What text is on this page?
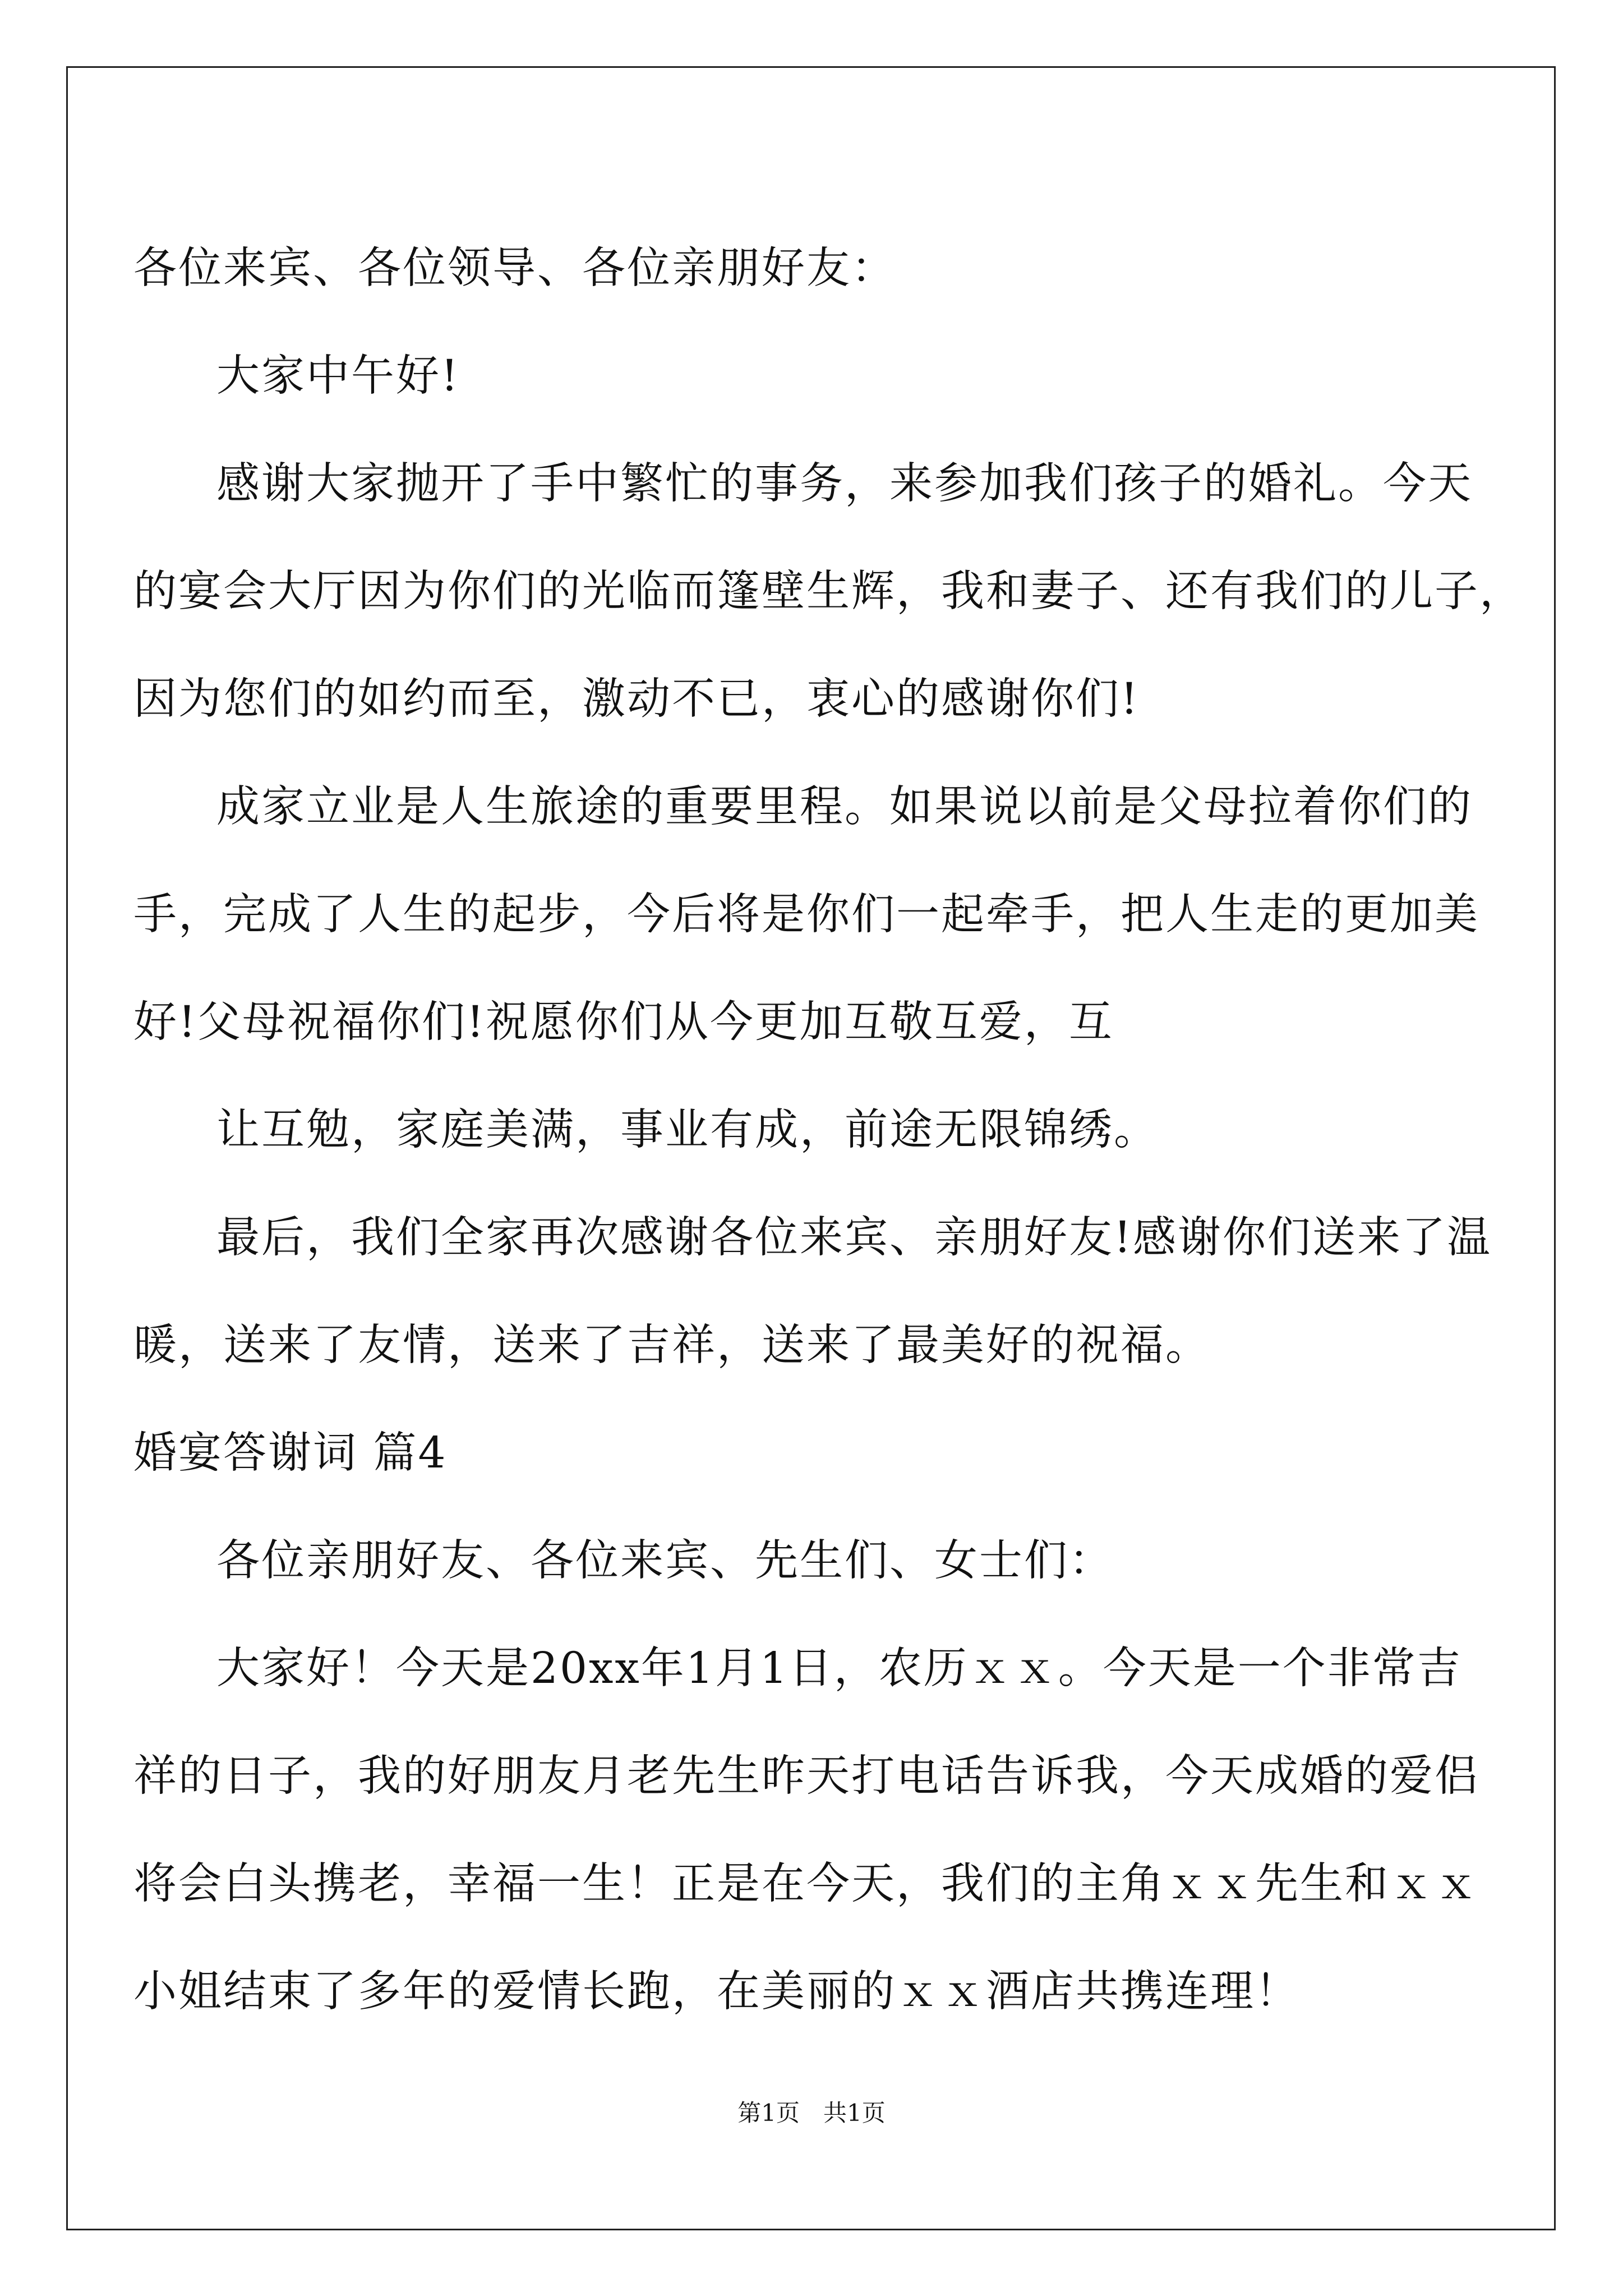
各位来宾、各位领导、各位亲朋好友：

大家中午好!

感谢大家抛开了手中繁忙的事务，来参加我们孩子的婚礼。今天

的宴会大厅因为你们的光临而篷壁生辉，我和妻子、还有我们的儿子，

因为您们的如约而至，激动不已，衷心的感谢你们!

成家立业是人生旅途的重要里程。如果说以前是父母拉着你们的

手，完成了人生的起步，今后将是你们一起牵手，把人生走的更加美

好!父母祝福你们!祝愿你们从今更加互敬互爱，互

让互勉，家庭美满，事业有成，前途无限锦绣。

最后，我们全家再次感谢各位来宾、亲朋好友!感谢你们送来了温

暖，送来了友情，送来了吉祥，送来了最美好的祝福。

婚宴答谢词 篇4

各位亲朋好友、各位来宾、先生们、女士们：

大家好！今天是20xx年1月1日，农历ｘｘ。今天是一个非常吉

祥的日子，我的好朋友月老先生昨天打电话告诉我，今天成婚的爱侣

将会白头携老，幸福一生！正是在今天，我们的主角ｘｘ先生和ｘｘ

小姐结束了多年的爱情长跑，在美丽的ｘｘ酒店共携连理！

第1页　共1页
